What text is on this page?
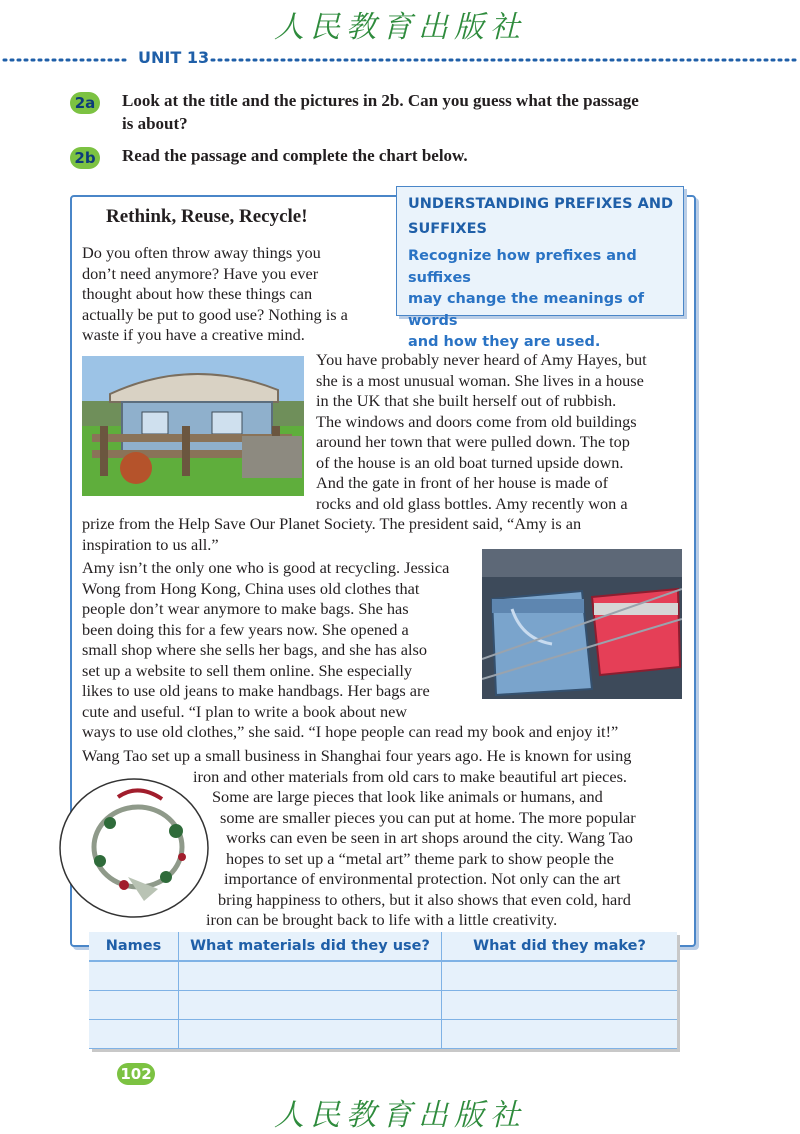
人民教育出版社
UNIT 13
2a Look at the title and the pictures in 2b. Can you guess what the passage
is about?
2b Read the passage and complete the chart below.
UNDERSTANDING PREFIXES AND
SUFFIXES
Recognize how prefixes and suffixes
may change the meanings of words
and how they are used.
Rethink, Reuse, Recycle!
Do you often throw away things you
don’t need anymore? Have you ever
thought about how these things can
actually be put to good use? Nothing is a
waste if you have a creative mind.
You have probably never heard of Amy Hayes, but
she is a most unusual woman. She lives in a house
in the UK that she built herself out of rubbish.
The windows and doors come from old buildings
around her town that were pulled down. The top
of the house is an old boat turned upside down.
And the gate in front of her house is made of
rocks and old glass bottles. Amy recently won a
prize from the Help Save Our Planet Society. The president said, “Amy is an
inspiration to us all.”
Amy isn’t the only one who is good at recycling. Jessica
Wong from Hong Kong, China uses old clothes that
people don’t wear anymore to make bags. She has
been doing this for a few years now. She opened a
small shop where she sells her bags, and she has also
set up a website to sell them online. She especially
likes to use old jeans to make handbags. Her bags are
cute and useful. “I plan to write a book about new
ways to use old clothes,” she said. “I hope people can read my book and enjoy it!”
Wang Tao set up a small business in Shanghai four years ago. He is known for using
iron and other materials from old cars to make beautiful art pieces.
Some are large pieces that look like animals or humans, and
some are smaller pieces you can put at home. The more popular
works can even be seen in art shops around the city. Wang Tao
hopes to set up a “metal art” theme park to show people the
importance of environmental protection. Not only can the art
bring happiness to others, but it also shows that even cold, hard
iron can be brought back to life with a little creativity.
Names	What materials did they use?	What did they make?

102
人民教育出版社
